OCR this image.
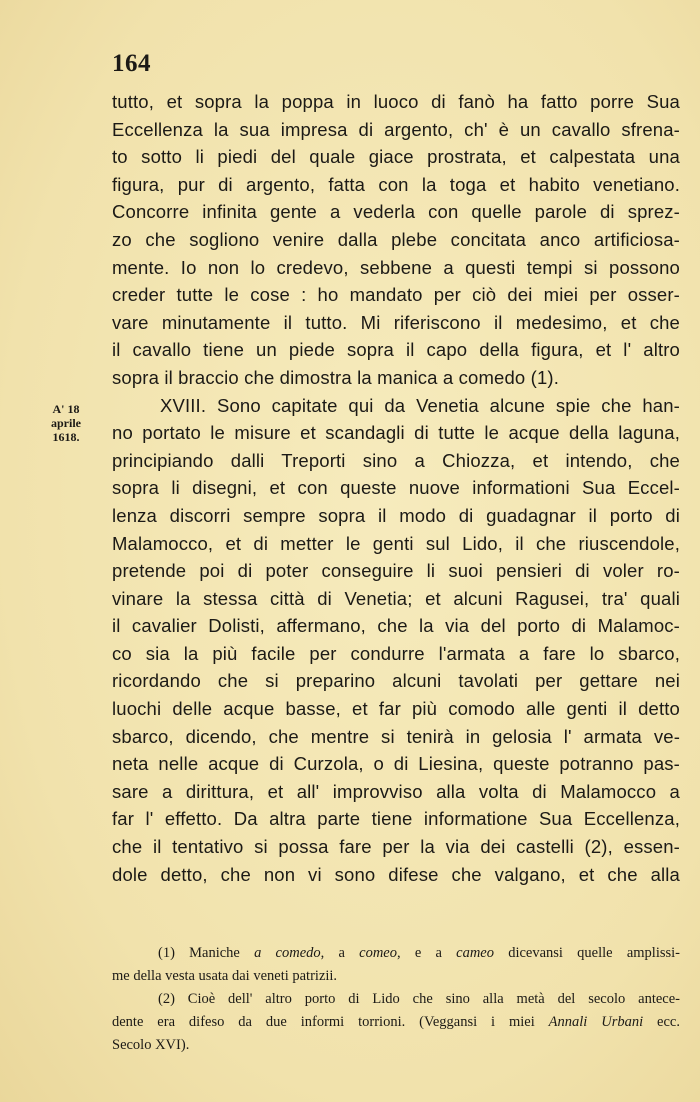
164
A' 18
aprile
1618.
tutto, et sopra la poppa in luoco di fanò ha fatto porre Sua
Eccellenza la sua impresa di argento, ch' è un cavallo sfrena-
to sotto li piedi del quale giace prostrata, et calpestata una
figura, pur di argento, fatta con la toga et habito venetiano.
Concorre infinita gente a vederla con quelle parole di sprez-
zo che sogliono venire dalla plebe concitata anco artificiosa-
mente. Io non lo credevo, sebbene a questi tempi si possono
creder tutte le cose : ho mandato per ciò dei miei per osser-
vare minutamente il tutto. Mi riferiscono il medesimo, et che
il cavallo tiene un piede sopra il capo della figura, et l' altro
sopra il braccio che dimostra la manica a comedo (1).
XVIII. Sono capitate qui da Venetia alcune spie che han-
no portato le misure et scandagli di tutte le acque della laguna,
principiando dalli Treporti sino a Chiozza, et intendo, che
sopra li disegni, et con queste nuove informationi Sua Eccel-
lenza discorri sempre sopra il modo di guadagnar il porto di
Malamocco, et di metter le genti sul Lido, il che riuscendole,
pretende poi di poter conseguire li suoi pensieri di voler ro-
vinare la stessa città di Venetia; et alcuni Ragusei, tra' quali
il cavalier Dolisti, affermano, che la via del porto di Malamoc-
co sia la più facile per condurre l'armata a fare lo sbarco,
ricordando che si preparino alcuni tavolati per gettare nei
luochi delle acque basse, et far più comodo alle genti il detto
sbarco, dicendo, che mentre si tenirà in gelosia l' armata ve-
neta nelle acque di Curzola, o di Liesina, queste potranno pas-
sare a dirittura, et all' improvviso alla volta di Malamocco a
far l' effetto. Da altra parte tiene informatione Sua Eccellenza,
che il tentativo si possa fare per la via dei castelli (2), essen-
dole detto, che non vi sono difese che valgano, et che alla
(1) Maniche a comedo, a comeo, e a cameo dicevansi quelle amplissi-
me della vesta usata dai veneti patrizii.
(2) Cioè dell' altro porto di Lido che sino alla metà del secolo antece-
dente era difeso da due informi torrioni. (Veggansi i miei Annali Urbani ecc.
Secolo XVI).
